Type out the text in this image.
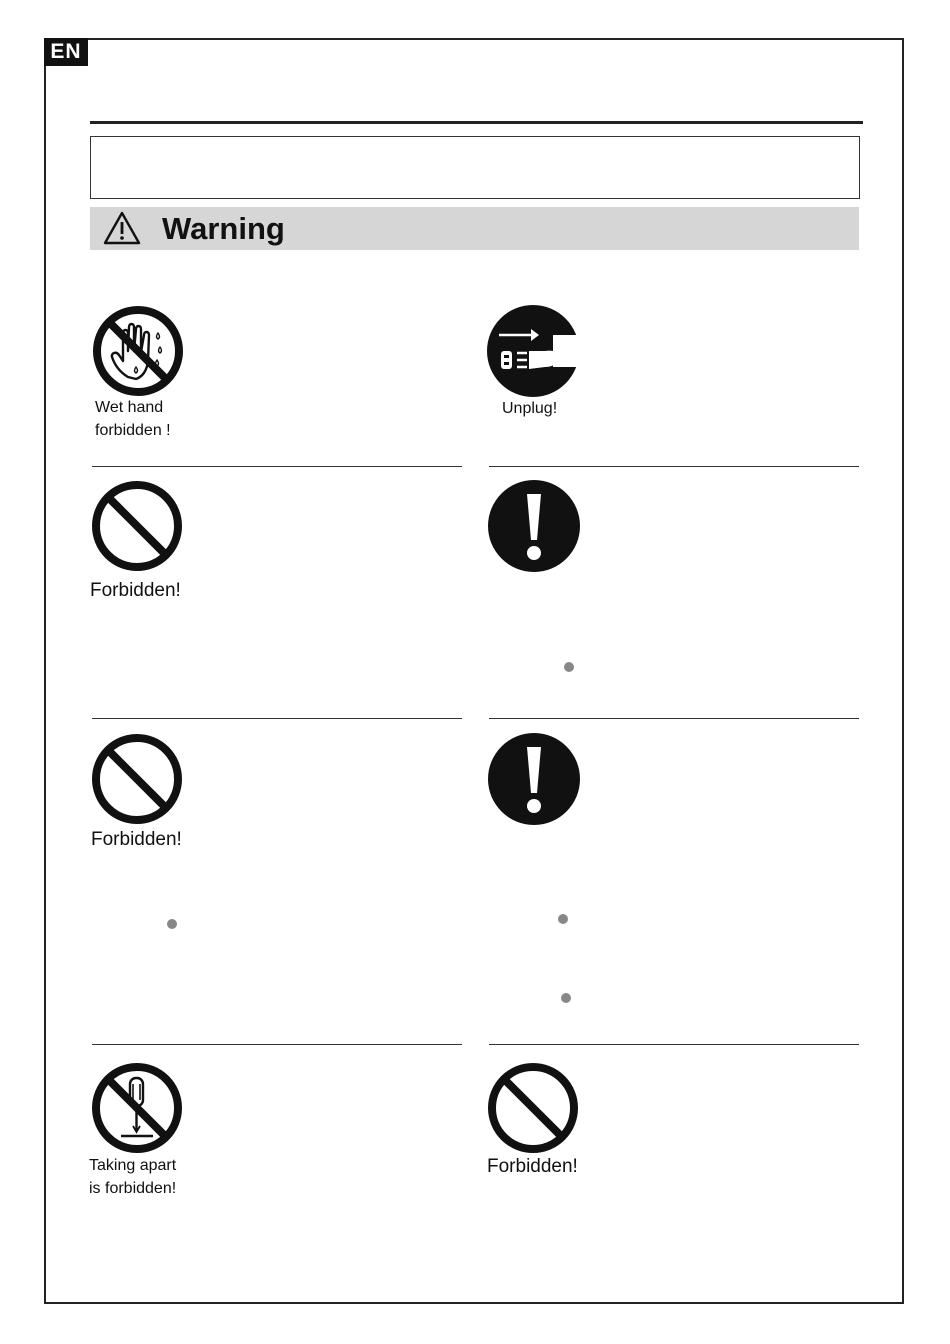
EN
Warning
Wet hand
forbidden !
Unplug!
Forbidden!
Forbidden!
Taking apart
is forbidden!
Forbidden!
